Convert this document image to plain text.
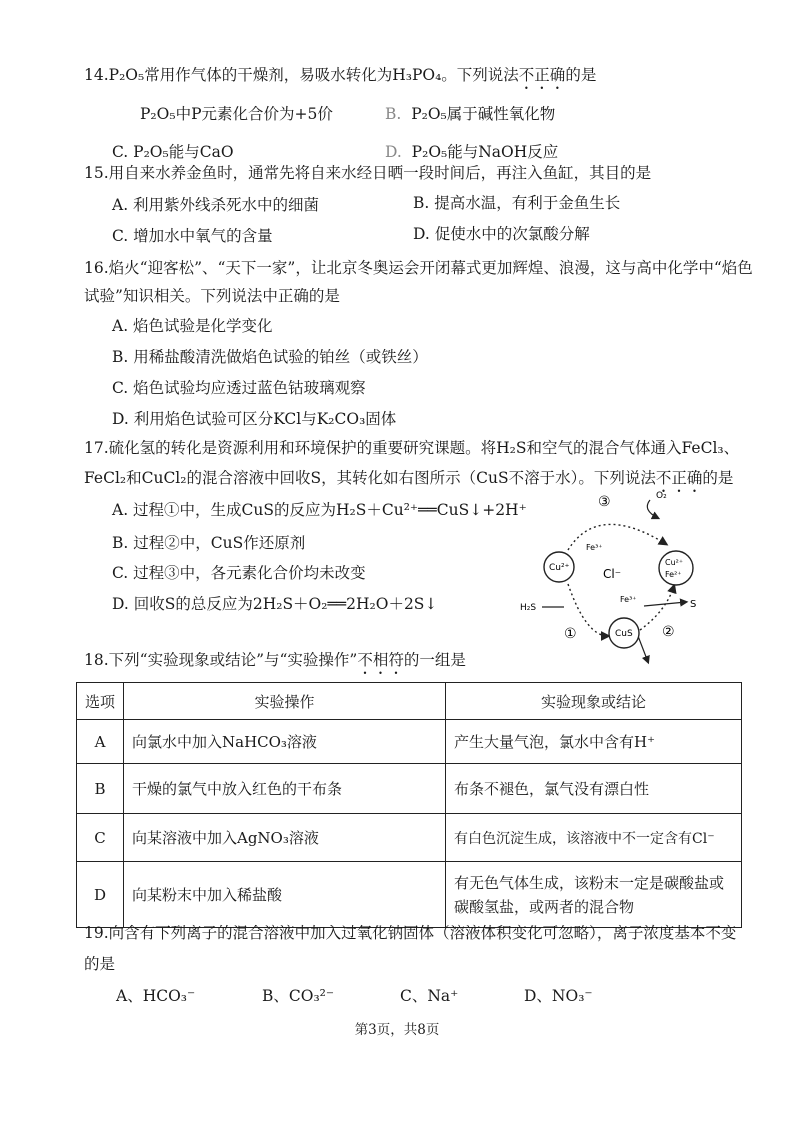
14.P₂O₅常用作气体的干燥剂，易吸水转化为H₃PO₄。下列说法不正确的是
P₂O₅中P元素化合价为+5价	B. P₂O₅属于碱性氧化物
C. P₂O₅能与CaO	D. P₂O₅能与NaOH反应
15.用自来水养金鱼时，通常先将自来水经日晒一段时间后，再注入鱼缸，其目的是
A. 利用紫外线杀死水中的细菌	B. 提高水温，有利于金鱼生长
C. 增加水中氧气的含量	D. 促使水中的次氯酸分解
16.焰火“迎客松”、“天下一家”，让北京冬奥运会开闭幕式更加辉煌、浪漫，这与高中化学中“焰色
试验”知识相关。下列说法中正确的是
A. 焰色试验是化学变化
B. 用稀盐酸清洗做焰色试验的铂丝（或铁丝）
C. 焰色试验均应透过蓝色钴玻璃观察
D. 利用焰色试验可区分KCl与K₂CO₃固体
17.硫化氢的转化是资源利用和环境保护的重要研究课题。将H₂S和空气的混合气体通入FeCl₃、
FeCl₂和CuCl₂的混合溶液中回收S，其转化如右图所示（CuS不溶于水）。下列说法不正确的是
A. 过程①中，生成CuS的反应为H₂S＋Cu²⁺══CuS↓+2H⁺
B. 过程②中，CuS作还原剂
C. 过程③中，各元素化合价均未改变
D. 回收S的总反应为2H₂S＋O₂══2H₂O＋2S↓
③	O₂
Fe³⁺
Cu²⁺	Cl⁻
Cu²⁺
Fe²⁺
Fe³⁺	S
H₂S
CuS
①	②
18.下列“实验现象或结论”与“实验操作”不相符的一组是
选项	实验操作	实验现象或结论
A	向氯水中加入NaHCO₃溶液	产生大量气泡，氯水中含有H⁺
B	干燥的氯气中放入红色的干布条	布条不褪色，氯气没有漂白性
C	向某溶液中加入AgNO₃溶液	有白色沉淀生成，该溶液中不一定含有Cl⁻
D	向某粉末中加入稀盐酸	有无色气体生成，该粉末一定是碳酸盐或碳酸氢盐，或两者的混合物
19.向含有下列离子的混合溶液中加入过氧化钠固体（溶液体积变化可忽略），离子浓度基本不变
的是
A、HCO₃⁻	B、CO₃²⁻	C、Na⁺	D、NO₃⁻
第3页，共8页
